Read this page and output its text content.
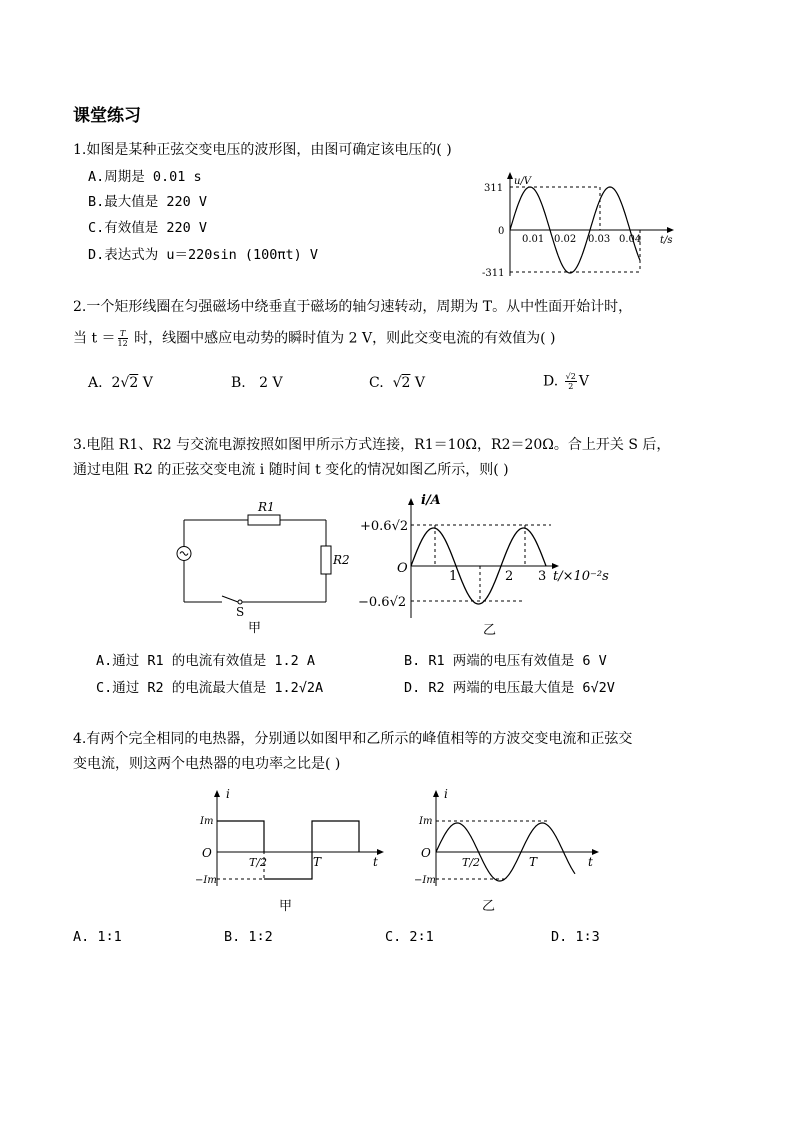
课堂练习
1.如图是某种正弦交变电压的波形图，由图可确定该电压的( )
A.周期是 0.01 s
B.最大值是 220 V
C.有效值是 220 V
D.表达式为 u＝220sin (100πt) V
u/V
311
0
-311
0.01 0.02 0.03 0.04 t/s
2.一个矩形线圈在匀强磁场中绕垂直于磁场的轴匀速转动，周期为 T。从中性面开始计时，
当 $t = \frac{T}{12}$ 时，线圈中感应电动势的瞬时值为 2 V，则此交变电流的有效值为( )
A. 2√2 V	B. 2 V	C.  √2 V	D. $\frac{√2}{2}$ V
3.电阻 R1、R2 与交流电源按照如图甲所示方式连接，R1＝10Ω，R2＝20Ω。合上开关 S 后，
通过电阻 R2 的正弦交变电流 i 随时间 t 变化的情况如图乙所示，则( )
R1
R2
S
甲
i/A
+0.6√2
O
−0.6√2
1	2 3 t/×10⁻²s
乙
A.通过 R1 的电流有效值是 1.2 A	B. R1 两端的电压有效值是 6 V
C.通过 R2 的电流最大值是 1.2√2A	D. R2 两端的电压最大值是 6√2V
4.有两个完全相同的电热器，分别通以如图甲和乙所示的峰值相等的方波交变电流和正弦交
变电流，则这两个电热器的电功率之比是( )
i
Im
O
−Im
T/2	T	t
甲
i
Im
O
−Im
T/2	T	t
乙
A. 1∶1	B. 1∶2	C. 2∶1	D. 1∶3
